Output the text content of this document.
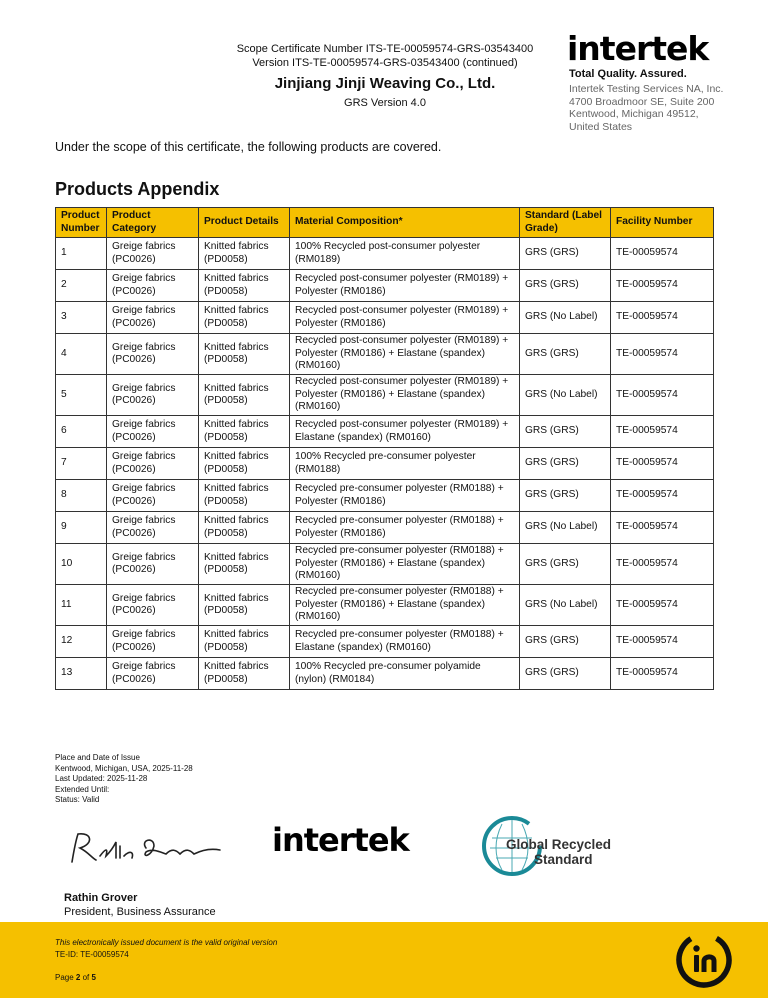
Scope Certificate Number ITS-TE-00059574-GRS-03543400
Version ITS-TE-00059574-GRS-03543400 (continued)
Jinjiang Jinji Weaving Co., Ltd.
GRS Version 4.0
intertek
Total Quality. Assured.
Intertek Testing Services NA, Inc.
4700 Broadmoor SE, Suite 200
Kentwood, Michigan 49512,
United States
Under the scope of this certificate, the following products are covered.
Products Appendix
Product Number	Product Category	Product Details	Material Composition*	Standard (Label Grade)	Facility Number
1	Greige fabrics (PC0026)	Knitted fabrics (PD0058)	100% Recycled post-consumer polyester (RM0189)	GRS (GRS)	TE-00059574
2	Greige fabrics (PC0026)	Knitted fabrics (PD0058)	Recycled post-consumer polyester (RM0189) + Polyester (RM0186)	GRS (GRS)	TE-00059574
3	Greige fabrics (PC0026)	Knitted fabrics (PD0058)	Recycled post-consumer polyester (RM0189) + Polyester (RM0186)	GRS (No Label)	TE-00059574
4	Greige fabrics (PC0026)	Knitted fabrics (PD0058)	Recycled post-consumer polyester (RM0189) + Polyester (RM0186) + Elastane (spandex) (RM0160)	GRS (GRS)	TE-00059574
5	Greige fabrics (PC0026)	Knitted fabrics (PD0058)	Recycled post-consumer polyester (RM0189) + Polyester (RM0186) + Elastane (spandex) (RM0160)	GRS (No Label)	TE-00059574
6	Greige fabrics (PC0026)	Knitted fabrics (PD0058)	Recycled post-consumer polyester (RM0189) + Elastane (spandex) (RM0160)	GRS (GRS)	TE-00059574
7	Greige fabrics (PC0026)	Knitted fabrics (PD0058)	100% Recycled pre-consumer polyester (RM0188)	GRS (GRS)	TE-00059574
8	Greige fabrics (PC0026)	Knitted fabrics (PD0058)	Recycled pre-consumer polyester (RM0188) + Polyester (RM0186)	GRS (GRS)	TE-00059574
9	Greige fabrics (PC0026)	Knitted fabrics (PD0058)	Recycled pre-consumer polyester (RM0188) + Polyester (RM0186)	GRS (No Label)	TE-00059574
10	Greige fabrics (PC0026)	Knitted fabrics (PD0058)	Recycled pre-consumer polyester (RM0188) + Polyester (RM0186) + Elastane (spandex) (RM0160)	GRS (GRS)	TE-00059574
11	Greige fabrics (PC0026)	Knitted fabrics (PD0058)	Recycled pre-consumer polyester (RM0188) + Polyester (RM0186) + Elastane (spandex) (RM0160)	GRS (No Label)	TE-00059574
12	Greige fabrics (PC0026)	Knitted fabrics (PD0058)	Recycled pre-consumer polyester (RM0188) + Elastane (spandex) (RM0160)	GRS (GRS)	TE-00059574
13	Greige fabrics (PC0026)	Knitted fabrics (PD0058)	100% Recycled pre-consumer polyamide (nylon) (RM0184)	GRS (GRS)	TE-00059574
Place and Date of Issue
Kentwood, Michigan, USA, 2025-11-28
Last Updated: 2025-11-28
Extended Until:
Status: Valid
intertek	Global Recycled
Standard
Rathin Grover
President, Business Assurance
This electronically issued document is the valid original version
TE-ID: TE-00059574
Page 2 of 5
